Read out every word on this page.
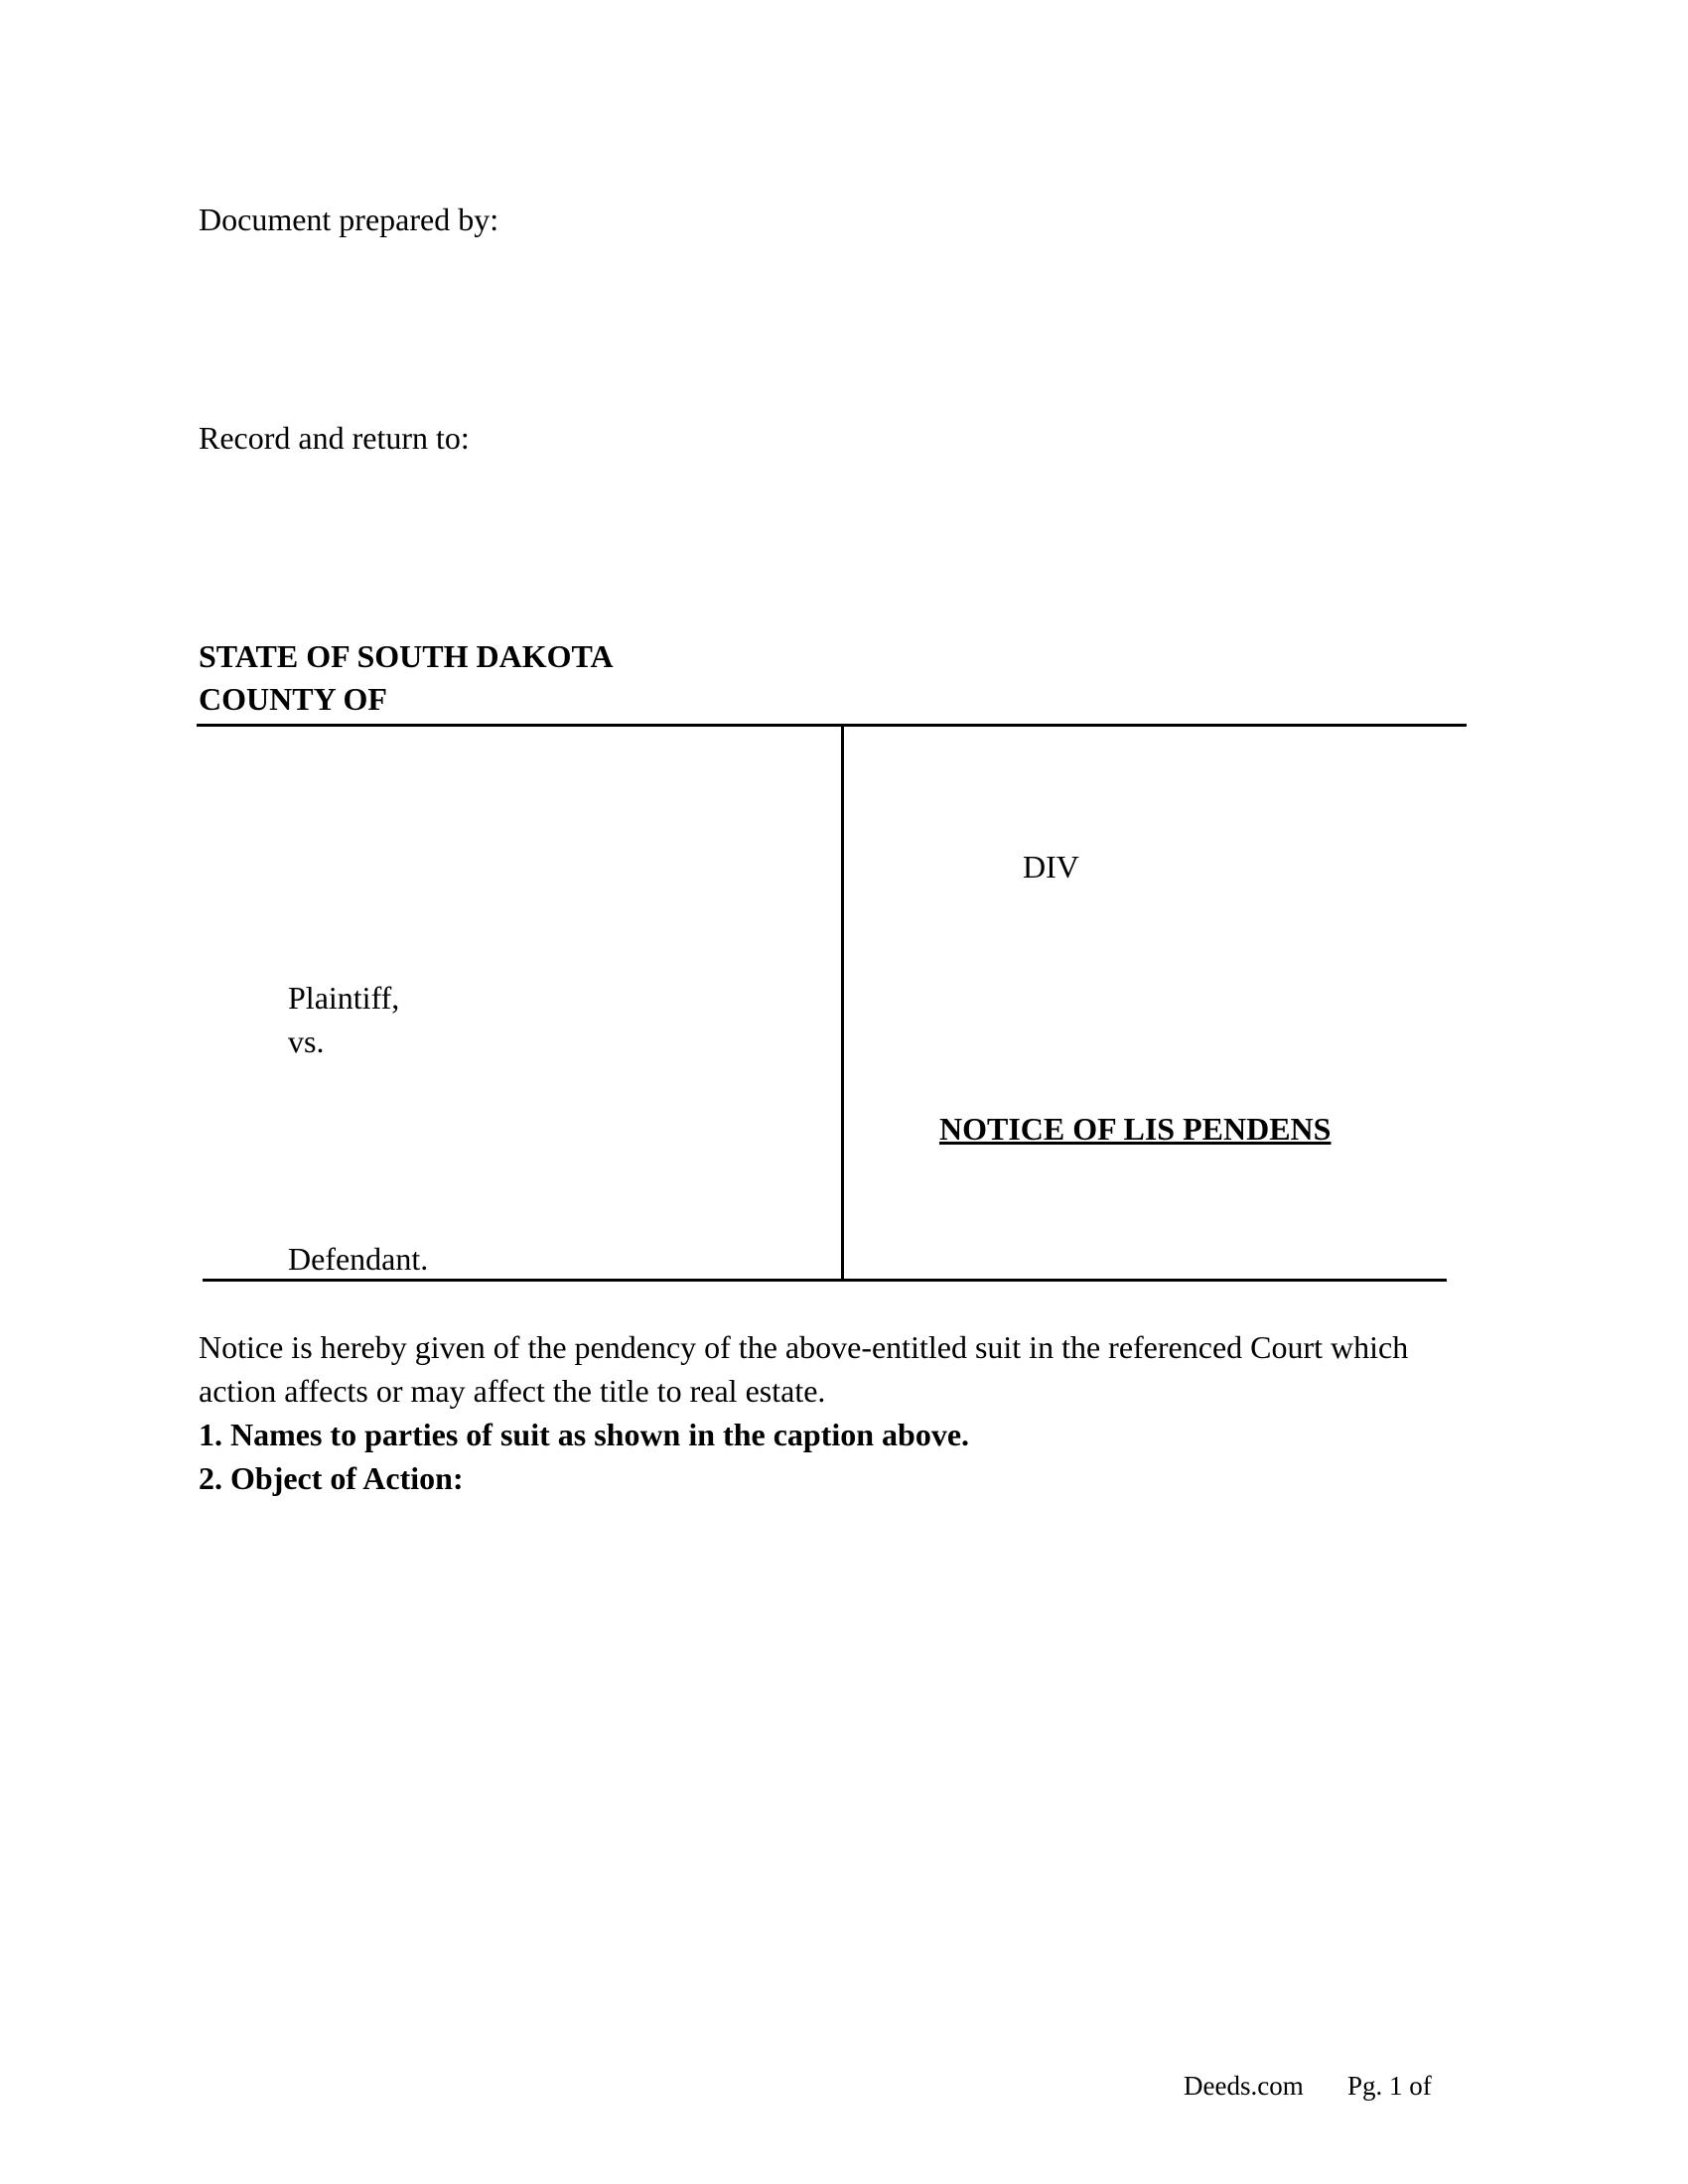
Document prepared by:
Record and return to:
STATE OF SOUTH DAKOTA
COUNTY OF
DIV
Plaintiff,
vs.
NOTICE OF LIS PENDENS
Defendant.
Notice is hereby given of the pendency of the above-entitled suit in the referenced Court which
action affects or may affect the title to real estate.
1. Names to parties of suit as shown in the caption above.
2. Object of Action:
Deeds.com Pg. 1 of
